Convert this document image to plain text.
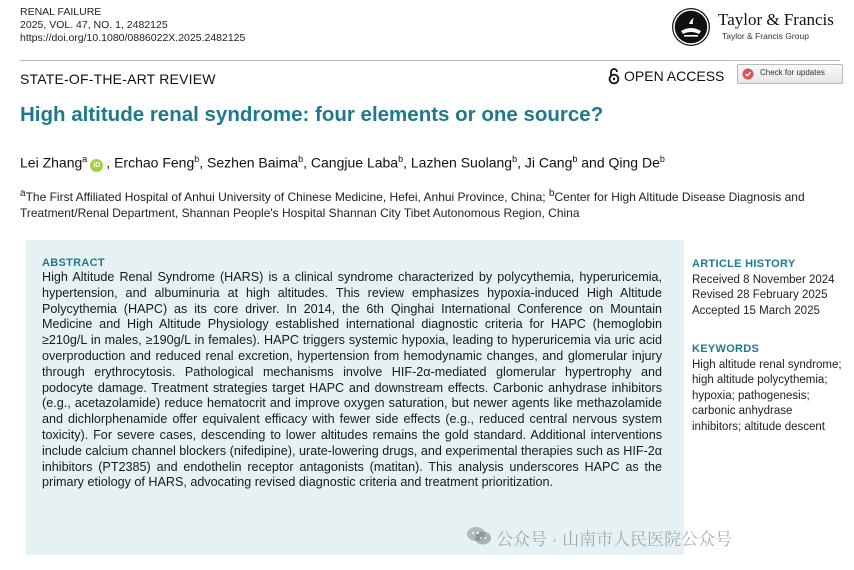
RENAL FAILURE
2025, VOL. 47, NO. 1, 2482125
https://doi.org/10.1080/0886022X.2025.2482125
Taylor & Francis
Taylor & Francis Group
STATE-OF-THE-ART REVIEW	OPEN ACCESS	Check for updates
High altitude renal syndrome: four elements or one source?
Lei Zhang$^a$iD , Erchao Feng$^b$, Sezhen Baima$^b$, Cangjue Laba$^b$, Lazhen Suolang$^b$, Ji Cang$^b$ and Qing De$^b$
$^a$The First Affiliated Hospital of Anhui University of Chinese Medicine, Hefei, Anhui Province, China; $^b$Center for High Altitude Disease Diagnosis and Treatment/Renal Department, Shannan People's Hospital Shannan City Tibet Autonomous Region, China
ABSTRACT
High Altitude Renal Syndrome (HARS) is a clinical syndrome characterized by polycythemia, hyperuricemia, hypertension, and albuminuria at high altitudes. This review emphasizes hypoxia-induced High Altitude Polycythemia (HAPC) as its core driver. In 2014, the 6th Qinghai International Conference on Mountain Medicine and High Altitude Physiology established international diagnostic criteria for HAPC (hemoglobin ≥210g/L in males, ≥190g/L in females). HAPC triggers systemic hypoxia, leading to hyperuricemia via uric acid overproduction and reduced renal excretion, hypertension from hemodynamic changes, and glomerular injury through erythrocytosis. Pathological mechanisms involve HIF-2α-mediated glomerular hypertrophy and podocyte damage. Treatment strategies target HAPC and downstream effects. Carbonic anhydrase inhibitors (e.g., acetazolamide) reduce hematocrit and improve oxygen saturation, but newer agents like methazolamide and dichlorphenamide offer equivalent efficacy with fewer side effects (e.g., reduced central nervous system toxicity). For severe cases, descending to lower altitudes remains the gold standard. Additional interventions include calcium channel blockers (nifedipine), urate-lowering drugs, and experimental therapies such as HIF-2α inhibitors (PT2385) and endothelin receptor antagonists (matitan). This analysis underscores HAPC as the primary etiology of HARS, advocating revised diagnostic criteria and treatment prioritization.
ARTICLE HISTORY
Received 8 November 2024
Revised 28 February 2025
Accepted 15 March 2025
KEYWORDS
High altitude renal syndrome; high altitude polycythemia; hypoxia; pathogenesis; carbonic anhydrase inhibitors; altitude descent
公众号 · 山南市人民医院公众号
